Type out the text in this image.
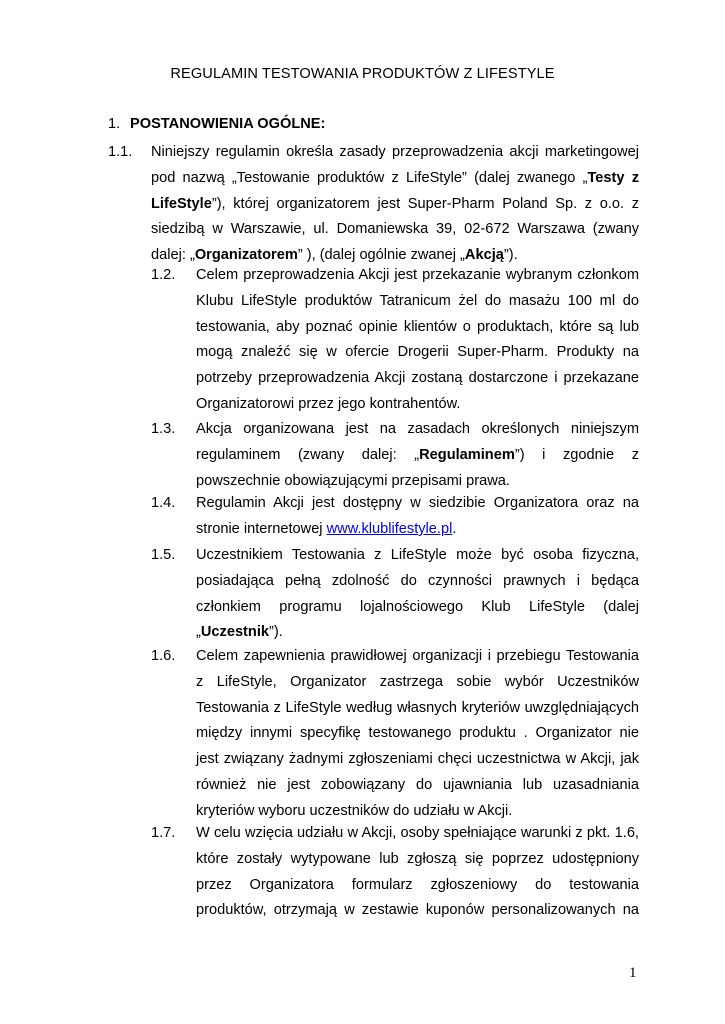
REGULAMIN TESTOWANIA PRODUKTÓW Z LIFESTYLE
1. POSTANOWIENIA OGÓLNE:
1.1. Niniejszy regulamin określa zasady przeprowadzenia akcji marketingowej pod nazwą „Testowanie produktów z LifeStyle” (dalej zwanego „Testy z LifeStyle”), której organizatorem jest Super-Pharm Poland Sp. z o.o. z siedzibą w Warszawie, ul. Domaniewska 39, 02-672 Warszawa (zwany dalej: „Organizatorem” ), (dalej ogólnie zwanej „Akcją”).
1.2. Celem przeprowadzenia Akcji jest przekazanie wybranym członkom Klubu LifeStyle produktów Tatranicum żel do masażu 100 ml do testowania, aby poznać opinie klientów o produktach, które są lub mogą znaleźć się w ofercie Drogerii Super-Pharm. Produkty na potrzeby przeprowadzenia Akcji zostaną dostarczone i przekazane Organizatorowi przez jego kontrahentów.
1.3. Akcja organizowana jest na zasadach określonych niniejszym regulaminem (zwany dalej: „Regulaminem”) i zgodnie z powszechnie obowiązującymi przepisami prawa.
1.4. Regulamin Akcji jest dostępny w siedzibie Organizatora oraz na stronie internetowej www.klublifestyle.pl.
1.5. Uczestnikiem Testowania z LifeStyle może być osoba fizyczna, posiadająca pełną zdolność do czynności prawnych i będąca członkiem programu lojalnościowego Klub LifeStyle (dalej „Uczestnik”).
1.6. Celem zapewnienia prawidłowej organizacji i przebiegu Testowania z LifeStyle, Organizator zastrzega sobie wybór Uczestników Testowania z LifeStyle według własnych kryteriów uwzględniających między innymi specyfikę testowanego produktu . Organizator nie jest związany żadnymi zgłoszeniami chęci uczestnictwa w Akcji, jak również nie jest zobowiązany do ujawniania lub uzasadniania kryteriów wyboru uczestników do udziału w Akcji.
1.7. W celu wzięcia udziału w Akcji, osoby spełniające warunki z pkt. 1.6, które zostały wytypowane lub zgłoszą się poprzez udostępniony przez Organizatora formularz zgłoszeniowy do testowania produktów, otrzymają w zestawie kuponów personalizowanych na
1
